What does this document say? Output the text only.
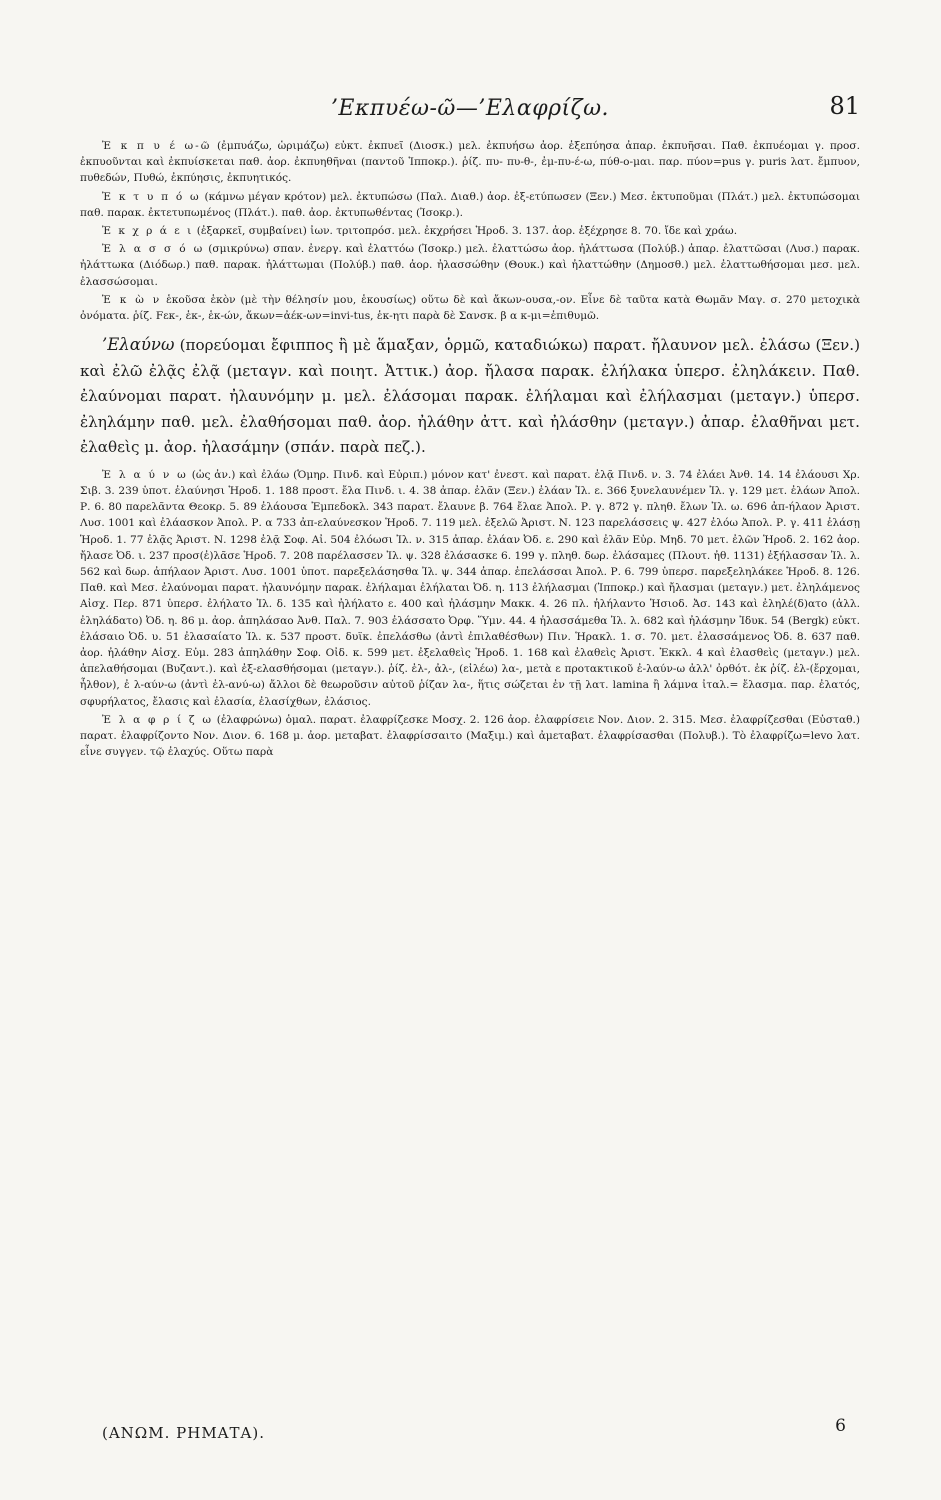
’Εκπυέω-ῶ—’Ελαφρίζω.	81

Ἐ κ π υ έ ω-ῶ (ἐμπυάζω, ὡριμάζω) εὐκτ. ἐκπυεῖ (Διοσκ.) μελ. ἐκπυήσω ἀορ. ἐξεπύησα ἀπαρ. ἐκπυῆσαι. Παθ. ἐκπυέομαι γ. προσ. ἐκπυοῦνται καὶ ἐκπυίσκεται παθ. ἀορ. ἐκπυηθῆναι (παντοῦ Ἱπποκρ.). ῥίζ. πυ- πυ-θ-, ἐμ-πυ-έ-ω, πύθ-ο-μαι. παρ. πύον=pus γ. puris λατ. ἔμπυον, πυθεδών, Πυθώ, ἐκπύησις, ἐκπυητικός.

Ἐ κ τ υ π ό ω (κάμνω μέγαν κρότον) μελ. ἐκτυπώσω (Παλ. Διαθ.) ἀορ. ἐξ-ετύπωσεν (Ξεν.) Μεσ. ἐκτυποῦμαι (Πλάτ.) μελ. ἐκτυπώσομαι παθ. παρακ. ἐκτετυπωμένος (Πλάτ.). παθ. ἀορ. ἐκτυπωθέντας (Ἰσοκρ.).

Ἐ κ χ ρ ά ε ι (ἐξαρκεῖ, συμβαίνει) ἰων. τριτοπρόσ. μελ. ἐκχρήσει Ἡροδ. 3. 137. ἀορ. ἐξέχρησε 8. 70. ἴδε καὶ χράω.

Ἐ λ α σ σ ό ω (σμικρύνω) σπαν. ἐνεργ. καὶ ἐλαττόω (Ἰσοκρ.) μελ. ἐλαττώσω ἀορ. ἠλάττωσα (Πολύβ.) ἀπαρ. ἐλαττῶσαι (Λυσ.) παρακ. ἠλάττωκα (Διόδωρ.) παθ. παρακ. ἠλάττωμαι (Πολύβ.) παθ. ἀορ. ἠλασσώθην (Θουκ.) καὶ ἠλαττώθην (Δημοσθ.) μελ. ἐλαττωθήσομαι μεσ. μελ. ἐλασσώσομαι.

Ἑ κ ὼ ν ἑκοῦσα ἑκὸν (μὲ τὴν θέλησίν μου, ἑκουσίως) οὕτω δὲ καὶ ἄκων-ουσα,-ον. Εἶνε δὲ ταῦτα κατὰ Θωμᾶν Μαγ. σ. 270 μετοχικὰ ὀνόματα. ῥίζ. Fεκ-, ἑκ-, ἑκ-ών, ἄκων=ἀέκ-ων=invi-tus, ἑκ-ητι παρὰ δὲ Σανσκ. β α κ-μι=ἐπιθυμῶ.

’Ελαύνω (πορεύομαι ἔφιππος ἢ μὲ ἅμαξαν, ὁρμῶ, καταδιώκω) παρατ. ἤλαυνον μελ. ἐλάσω (Ξεν.) καὶ ἐλῶ ἐλᾷς ἐλᾷ (μεταγν. καὶ ποιητ. Ἀττικ.) ἀορ. ἤλασα παρακ. ἐλήλακα ὑπερσ. ἐληλάκειν. Παθ. ἐλαύνομαι παρατ. ἠλαυνόμην μ. μελ. ἐλάσομαι παρακ. ἐλήλαμαι καὶ ἐλήλασμαι (μεταγν.) ὑπερσ. ἐληλάμην παθ. μελ. ἐλαθήσομαι παθ. ἀορ. ἠλάθην ἀττ. καὶ ἠλάσθην (μεταγν.) ἀπαρ. ἐλαθῆναι μετ. ἐλαθεὶς μ. ἀορ. ἠλασάμην (σπάν. παρὰ πεζ.).

Ἐ λ α ύ ν ω (ὡς ἀν.) καὶ ἐλάω (Ὁμηρ. Πινδ. καὶ Εὐριπ.) μόνον κατ' ἐνεστ. καὶ παρατ. ἐλᾷ Πινδ. ν. 3. 74 ἐλάει Ἀνθ. 14. 14 ἐλάουσι Χρ. Σιβ. 3. 239 ὑποτ. ἐλαύνησι Ἡροδ. 1. 188 προστ. ἔλα Πινδ. ι. 4. 38 ἀπαρ. ἐλᾶν (Ξεν.) ἐλάαν Ἰλ. ε. 366 ξυνελαυνέμεν Ἰλ. γ. 129 μετ. ἐλάων Ἀπολ. Ρ. 6. 80 παρελᾶντα Θεοκρ. 5. 89 ἐλάουσα Ἐμπεδοκλ. 343 παρατ. ἔλαυνε β. 764 ἔλαε Ἀπολ. Ρ. γ. 872 γ. πληθ. ἔλων Ἰλ. ω. 696 ἀπ-ήλαον Ἀριστ. Λυσ. 1001 καὶ ἐλάασκον Ἀπολ. Ρ. α 733 ἀπ-ελαύνεσκον Ἡροδ. 7. 119 μελ. ἐξελῶ Ἀριστ. Ν. 123 παρελάσσεις ψ. 427 ἐλόω Ἀπολ. Ρ. γ. 411 ἐλάσῃ Ἡροδ. 1. 77 ἐλᾷς Ἀριστ. Ν. 1298 ἐλᾷ Σοφ. Αἰ. 504 ἐλόωσι Ἰλ. ν. 315 ἀπαρ. ἐλάαν Ὀδ. ε. 290 καὶ ἐλᾶν Εὐρ. Μηδ. 70 μετ. ἐλῶν Ἡροδ. 2. 162 ἀορ. ἤλασε Ὀδ. ι. 237 προσ(ἐ)λᾶσε Ἡροδ. 7. 208 παρέλασσεν Ἰλ. ψ. 328 ἐλάσασκε 6. 199 γ. πληθ. δωρ. ἐλάσαμες (Πλουτ. ἠθ. 1131) ἐξήλασσαν Ἰλ. λ. 562 καὶ δωρ. ἀπήλαον Ἀριστ. Λυσ. 1001 ὑποτ. παρεξελάσησθα Ἰλ. ψ. 344 ἀπαρ. ἐπελάσσαι Ἀπολ. Ρ. 6. 799 ὑπερσ. παρεξεληλάκεε Ἡροδ. 8. 126. Παθ. καὶ Μεσ. ἐλαύνομαι παρατ. ἠλαυνόμην παρακ. ἐλήλαμαι ἐλήλαται Ὀδ. η. 113 ἐλήλασμαι (Ἱπποκρ.) καὶ ἤλασμαι (μεταγν.) μετ. ἐληλάμενος Αἰσχ. Περ. 871 ὑπερσ. ἐλήλατο Ἰλ. δ. 135 καὶ ἠλήλατο ε. 400 καὶ ἠλάσμην Μακκ. 4. 26 πλ. ἠλήλαντο Ἡσιοδ. Ἀσ. 143 καὶ ἐληλέ(δ)ατο (ἀλλ. ἐληλάδατο) Ὀδ. η. 86 μ. ἀορ. ἀπηλάσαο Ἀνθ. Παλ. 7. 903 ἐλάσσατο Ὀρφ. Ὕμν. 44. 4 ἠλασσάμεθα Ἰλ. λ. 682 καὶ ἠλάσμην Ἰδυκ. 54 (Bergk) εὐκτ. ἐλάσαιο Ὀδ. υ. 51 ἐλασαίατο Ἰλ. κ. 537 προστ. δυϊκ. ἐπελάσθω (ἀντὶ ἐπιλαθέσθων) Πιν. Ἡρακλ. 1. σ. 70. μετ. ἐλασσάμενος Ὀδ. 8. 637 παθ. ἀορ. ἠλάθην Αἰσχ. Εὐμ. 283 ἀπηλάθην Σοφ. Οἰδ. κ. 599 μετ. ἐξελαθεὶς Ἡροδ. 1. 168 καὶ ἐλαθεὶς Ἀριστ. Ἐκκλ. 4 καὶ ἐλασθεὶς (μεταγν.) μελ. ἀπελαθήσομαι (Βυζαντ.). καὶ ἐξ-ελασθήσομαι (μεταγν.). ῥίζ. ἐλ-, ἀλ-, (εἰλέω) λα-, μετὰ ε προτακτικοῦ ἐ-λαύν-ω ἀλλ' ὀρθότ. ἐκ ῥίζ. ἐλ-(ἔρχομαι, ἦλθον), ἐ λ-αύν-ω (ἀντὶ ἐλ-ανύ-ω) ἄλλοι δὲ θεωροῦσιν αὐτοῦ ῥίζαν λα-, ἥτις σώζεται ἐν τῇ λατ. lamina ἢ λάμνα ἰταλ.= ἔλασμα. παρ. ἐλατός, σφυρήλατος, ἔλασις καὶ ἐλασία, ἐλασίχθων, ἐλάσιος.

Ἐ λ α φ ρ ί ζ ω (ἐλαφρώνω) ὁμαλ. παρατ. ἐλαφρίζεσκε Μοσχ. 2. 126 ἀορ. ἐλαφρίσειε Νον. Διον. 2. 315. Μεσ. ἐλαφρίζεσθαι (Εὐσταθ.) παρατ. ἐλαφρίζοντο Νον. Διον. 6. 168 μ. ἀορ. μεταβατ. ἐλαφρίσσαιτο (Μαξιμ.) καὶ ἀμεταβατ. ἐλαφρίσασθαι (Πολυβ.). Τὸ ἐλαφρίζω=levo λατ. εἶνε συγγεν. τῷ ἐλαχύς. Οὕτω παρὰ

(ΑΝΩΜ. ΡΗΜΑΤΑ).	6
